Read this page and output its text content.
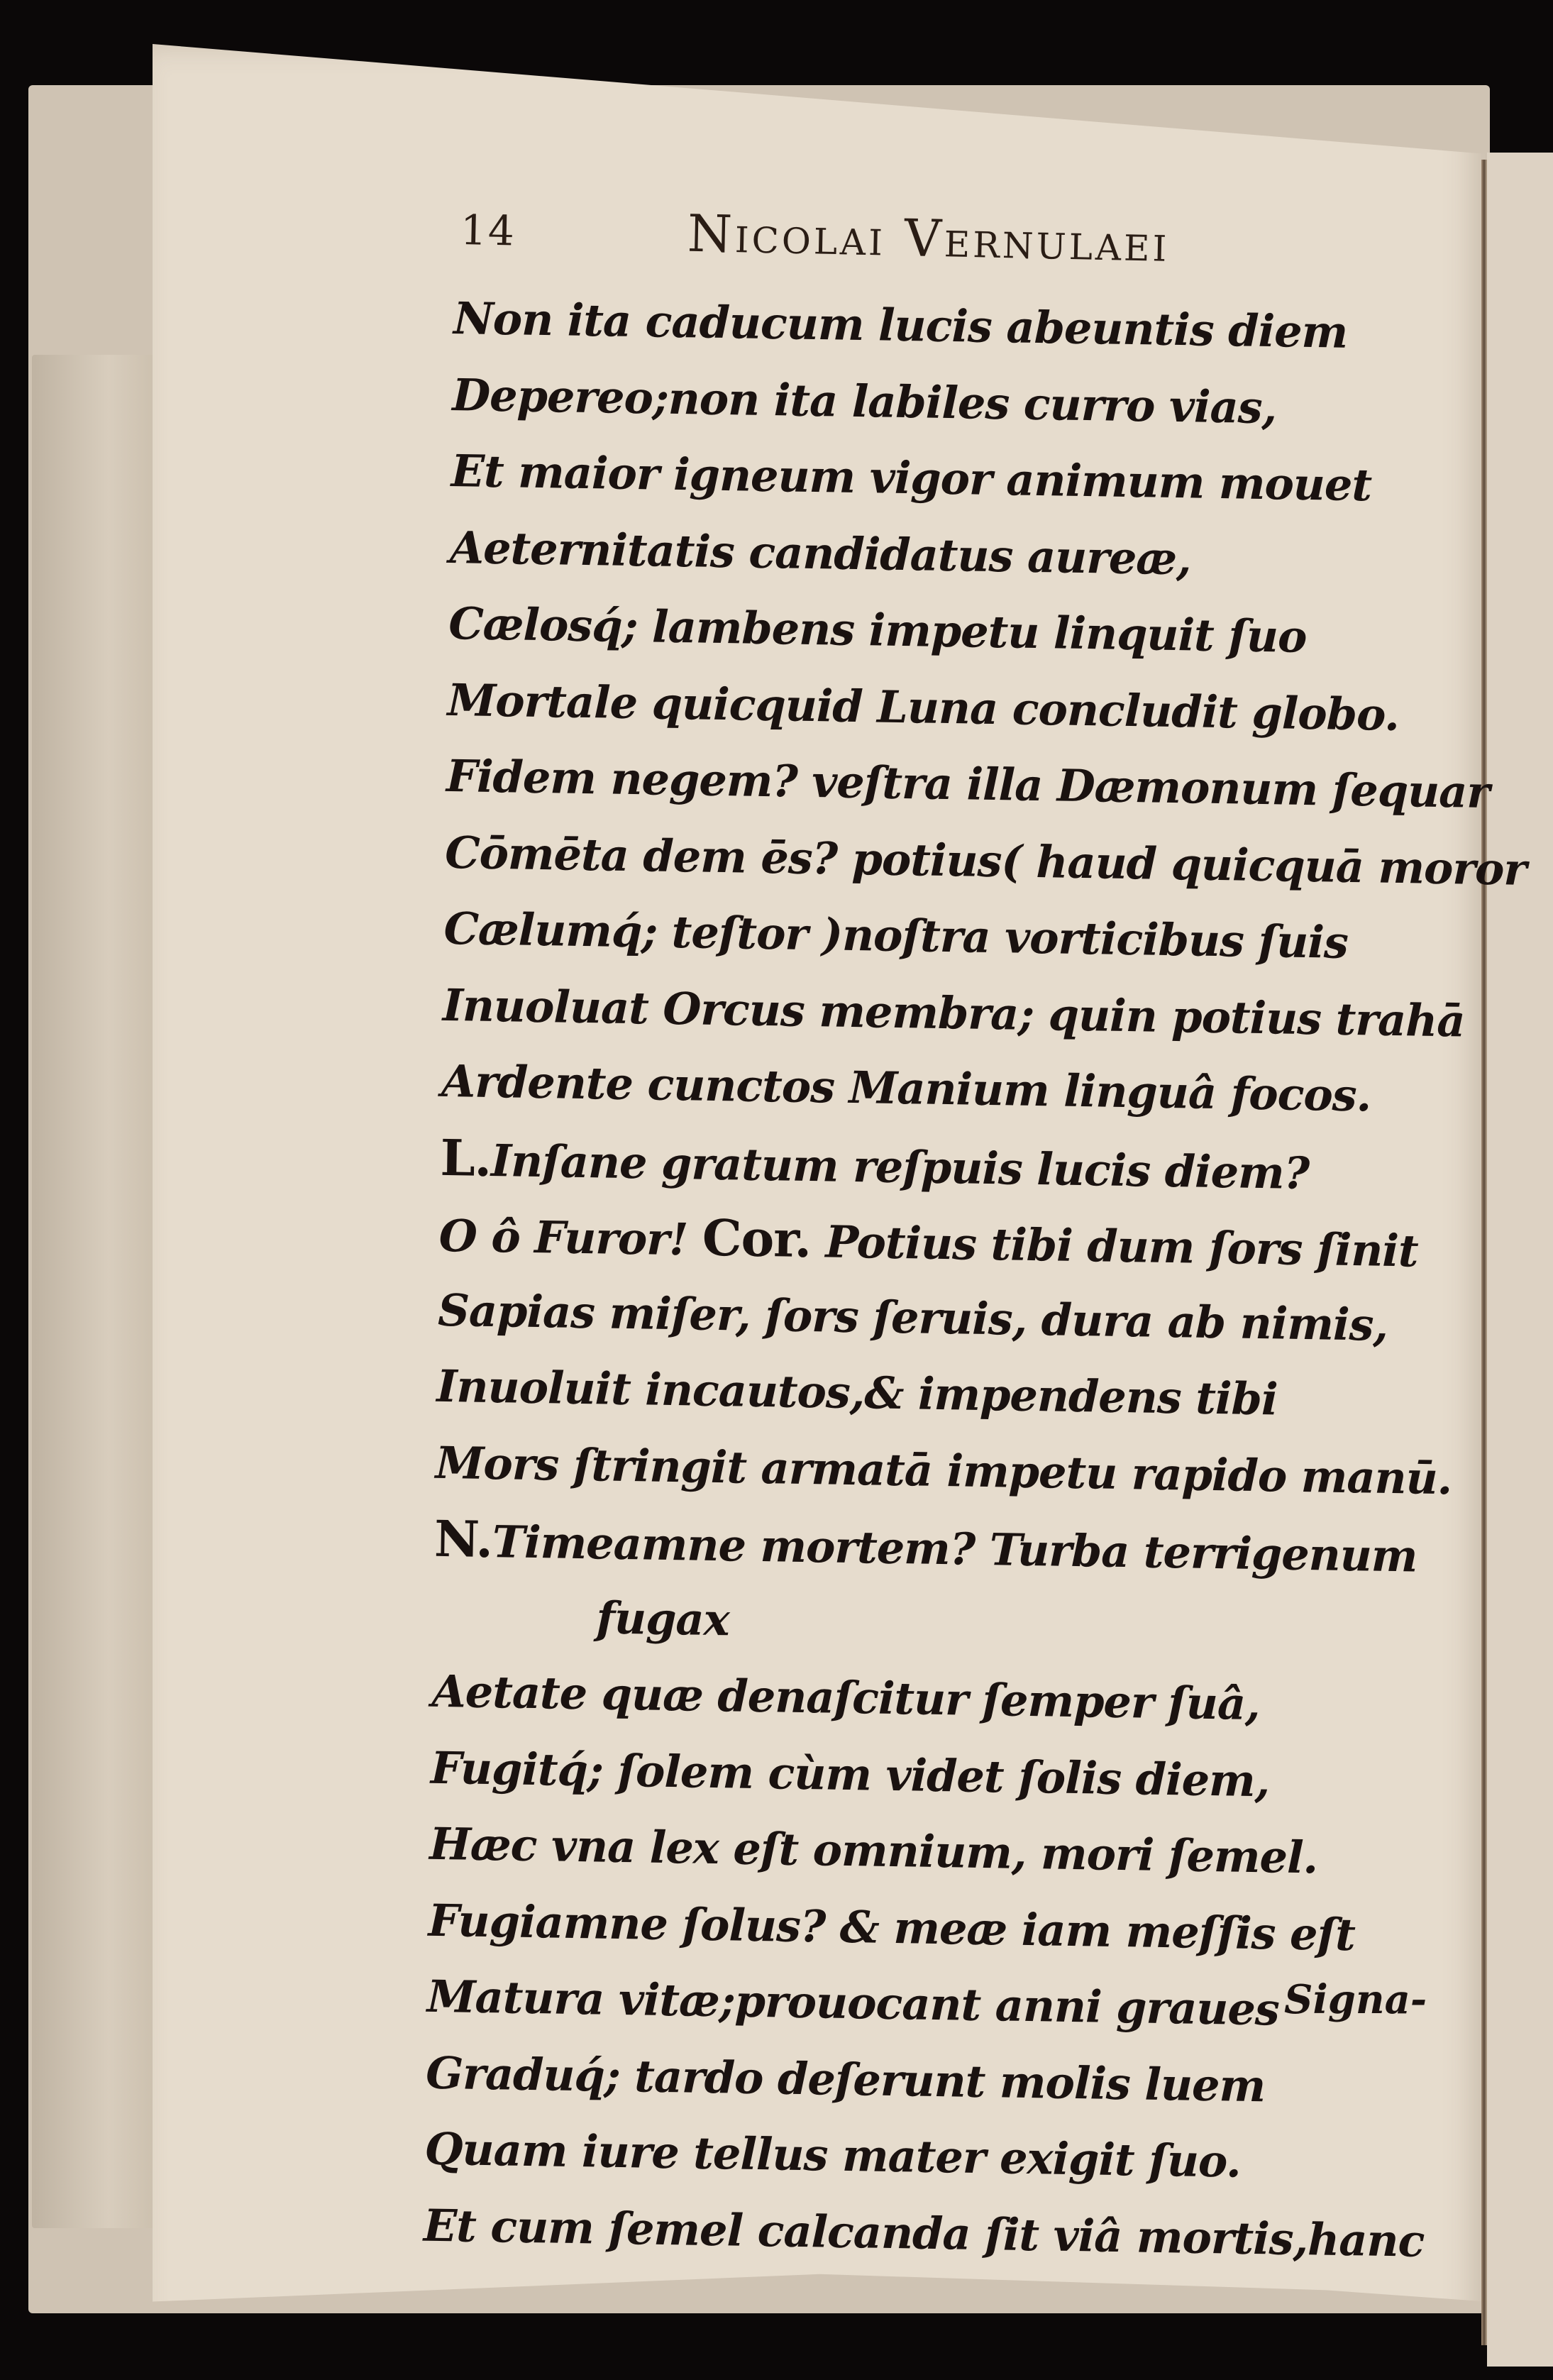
14	Nicolai Vernulaei
Non ita caducum lucis abeuntis diem
Depereo;non ita labiles curro vias,
Et maior igneum vigor animum mouet
Aeternitatis candidatus aureæ,
Cælosq́; lambens impetu linquit ſuo
Mortale quicquid Luna concludit globo.
Fidem negem? veſtra illa Dæmonum ſequar
Cōmēta dem ēs? potius( haud quicquā moror
Cælumq́; teſtor )noſtra vorticibus ſuis
Inuoluat Orcus membra; quin potius trahā
Ardente cunctos Manium linguâ focos.
L.Inſane gratum reſpuis lucis diem?
O ô Furor! Cor. Potius tibi dum ſors ſinit
Sapias miſer, ſors ſeruis, dura ab nimis,
Inuoluit incautos,& impendens tibi
Mors ſtringit armatā impetu rapido manū.
N.Timeamne mortem? Turba terrigenum
fugax
Aetate quæ denaſcitur ſemper ſuâ,
Fugitq́; ſolem cùm videt ſolis diem,
Hæc vna lex eſt omnium, mori ſemel.
Fugiamne ſolus? & meæ iam meſſis eſt
Matura vitæ;prouocant anni graues
Graduq́; tardo deſerunt molis luem
Quam iure tellus mater exigit ſuo.
Et cum ſemel calcanda ſit viâ mortis,hanc
Signa-
